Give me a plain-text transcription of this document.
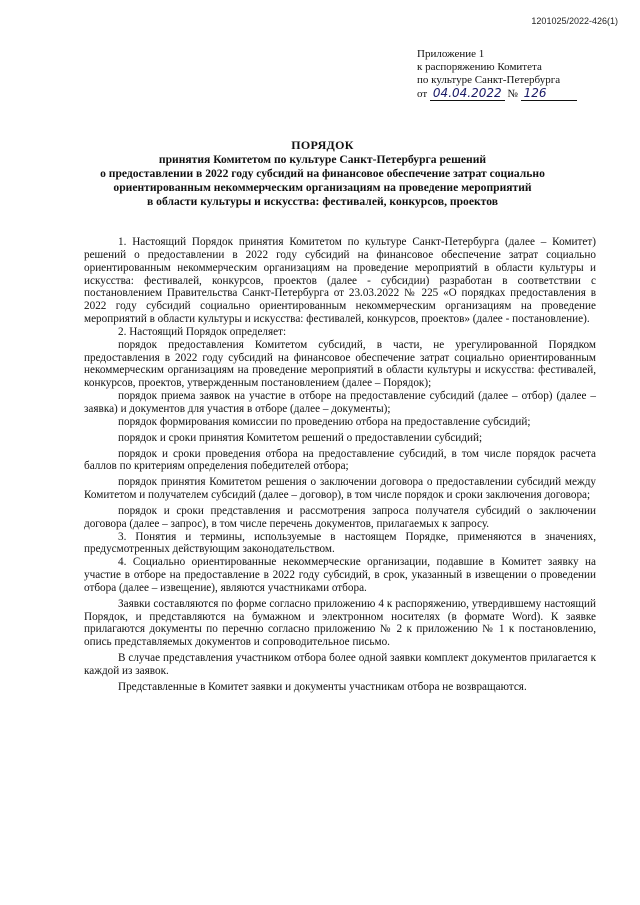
1201025/2022-426(1)
Приложение 1
к распоряжению Комитета
по культуре Санкт-Петербурга
от 04.04.2022 № 126
ПОРЯДОК
принятия Комитетом по культуре Санкт-Петербурга решений
о предоставлении в 2022 году субсидий на финансовое обеспечение затрат социально
ориентированным некоммерческим организациям на проведение мероприятий
в области культуры и искусства: фестивалей, конкурсов, проектов

1. Настоящий Порядок принятия Комитетом по культуре Санкт-Петербурга (далее – Комитет) решений о предоставлении в 2022 году субсидий на финансовое обеспечение затрат социально ориентированным некоммерческим организациям на проведение мероприятий в области культуры и искусства: фестивалей, конкурсов, проектов (далее - субсидии) разработан в соответствии с постановлением Правительства Санкт-Петербурга от 23.03.2022 № 225 «О порядках предоставления в 2022 году субсидий социально ориентированным некоммерческим организациям на проведение мероприятий в области культуры и искусства: фестивалей, конкурсов, проектов» (далее - постановление).

2. Настоящий Порядок определяет:

порядок предоставления Комитетом субсидий, в части, не урегулированной Порядком предоставления в 2022 году субсидий на финансовое обеспечение затрат социально ориентированным некоммерческим организациям на проведение мероприятий в области культуры и искусства: фестивалей, конкурсов, проектов, утвержденным постановлением (далее – Порядок);

порядок приема заявок на участие в отборе на предоставление субсидий (далее – отбор) (далее – заявка) и документов для участия в отборе (далее – документы);

порядок формирования комиссии по проведению отбора на предоставление субсидий;

порядок и сроки принятия Комитетом решений о предоставлении субсидий;

порядок и сроки проведения отбора на предоставление субсидий, в том числе порядок расчета баллов по критериям определения победителей отбора;

порядок принятия Комитетом решения о заключении договора о предоставлении субсидий между Комитетом и получателем субсидий (далее – договор), в том числе порядок и сроки заключения договора;

порядок и сроки представления и рассмотрения запроса получателя субсидий о заключении договора (далее – запрос), в том числе перечень документов, прилагаемых к запросу.

3. Понятия и термины, используемые в настоящем Порядке, применяются в значениях, предусмотренных действующим законодательством.

4. Социально ориентированные некоммерческие организации, подавшие в Комитет заявку на участие в отборе на предоставление в 2022 году субсидий, в срок, указанный в извещении о проведении отбора (далее – извещение), являются участниками отбора.

Заявки составляются по форме согласно приложению 4 к распоряжению, утвердившему настоящий Порядок, и представляются на бумажном и электронном носителях (в формате Word). К заявке прилагаются документы по перечню согласно приложению № 2 к приложению № 1 к постановлению, опись представляемых документов и сопроводительное письмо.

В случае представления участником отбора более одной заявки комплект документов прилагается к каждой из заявок.

Представленные в Комитет заявки и документы участникам отбора не возвращаются.
